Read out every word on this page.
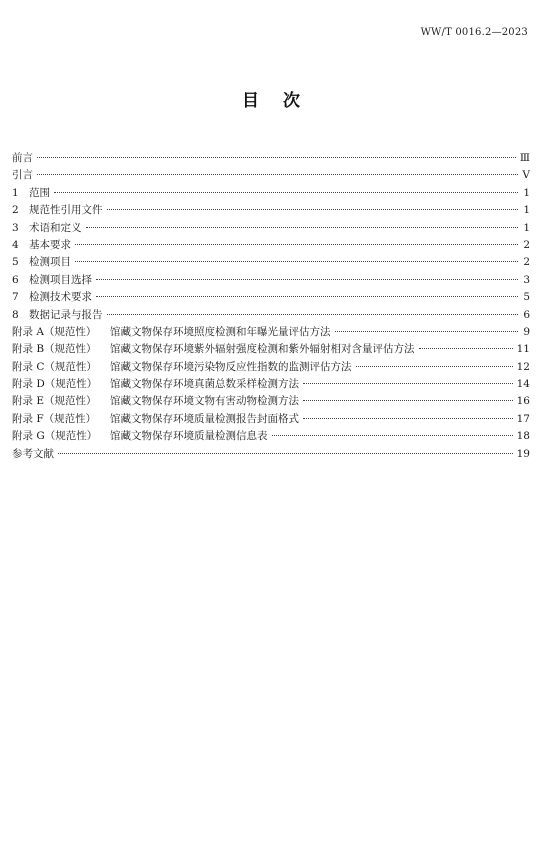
WW/T 0016.2—2023
目次
前言	Ⅲ
引言	Ⅴ
1 范围	1
2 规范性引用文件	1
3 术语和定义	1
4 基本要求	2
5 检测项目	2
6 检测项目选择	3
7 检测技术要求	5
8 数据记录与报告	6
附录 A（规范性）	馆藏文物保存环境照度检测和年曝光量评估方法	9
附录 B（规范性）	馆藏文物保存环境紫外辐射强度检测和紫外辐射相对含量评估方法	11
附录 C（规范性）	馆藏文物保存环境污染物反应性指数的监测评估方法	12
附录 D（规范性）	馆藏文物保存环境真菌总数采样检测方法	14
附录 E（规范性）	馆藏文物保存环境文物有害动物检测方法	16
附录 F（规范性）	馆藏文物保存环境质量检测报告封面格式	17
附录 G（规范性）	馆藏文物保存环境质量检测信息表	18
参考文献	19
